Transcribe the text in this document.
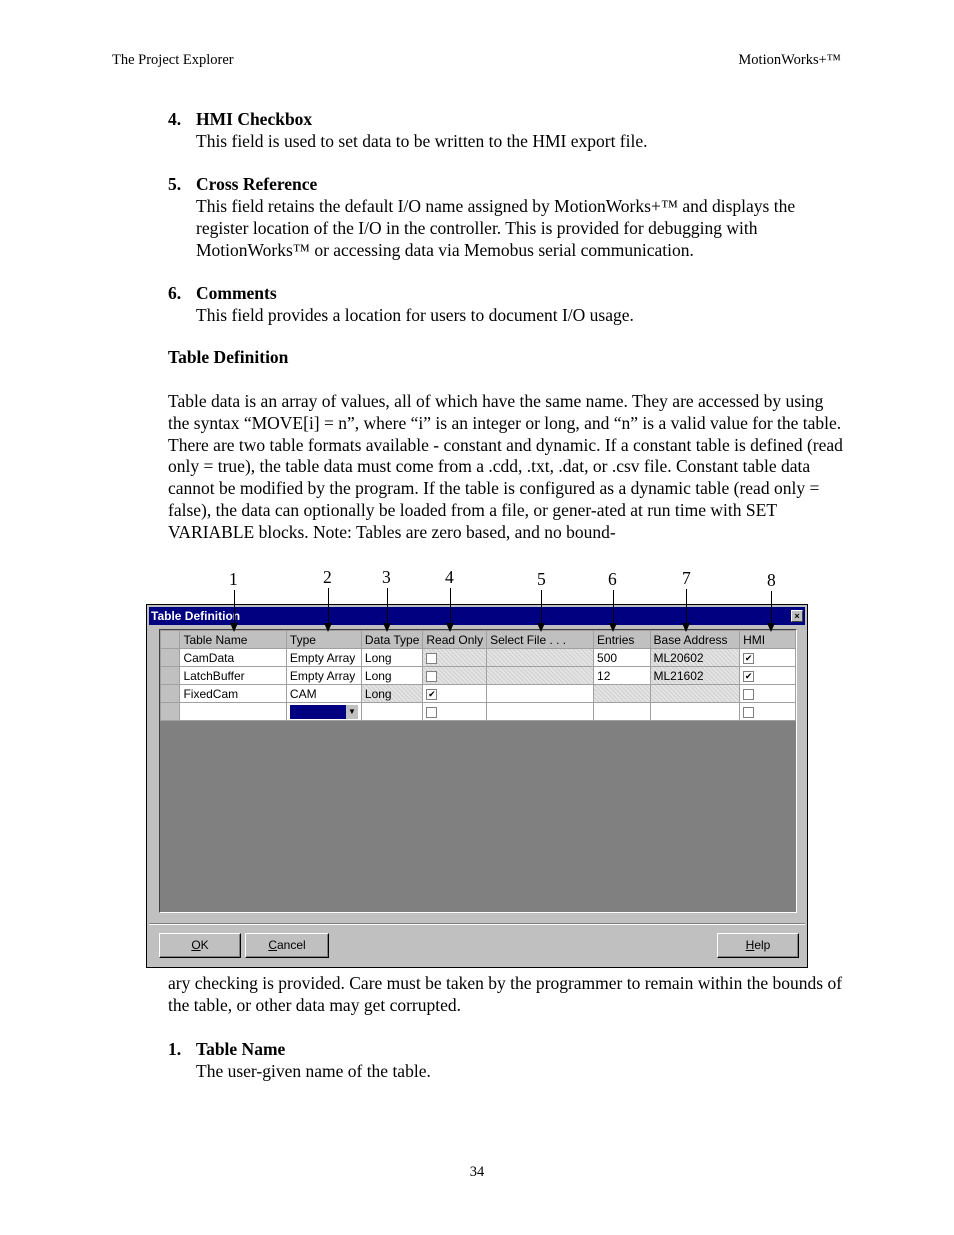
The Project Explorer	MotionWorks+™
4. HMI Checkbox
This field is used to set data to be written to the HMI export file.
5. Cross Reference
This field retains the default I/O name assigned by MotionWorks+™ and displays the register location of the I/O in the controller. This is provided for debugging with MotionWorks™ or accessing data via Memobus serial communication.
6. Comments
This field provides a location for users to document I/O usage.
Table Definition
Table data is an array of values, all of which have the same name. They are accessed by using the syntax “MOVE[i] = n”, where “i” is an integer or long, and “n” is a valid value for the table. There are two table formats available - constant and dynamic. If a constant table is defined (read only = true), the table data must come from a .cdd, .txt, .dat, or .csv file. Constant table data cannot be modified by the program. If the table is configured as a dynamic table (read only = false), the data can optionally be loaded from a file, or gener-ated at run time with SET VARIABLE blocks. Note: Tables are zero based, and no bound-
1	2	3	4	5	6	7	8
Table Definition	×
	Table Name	Type	Data Type	Read Only	Select File . . .	Entries	Base Address	HMI
	CamData	Empty Array	Long			500	ML20602	✔
	LatchBuffer	Empty Array	Long			12	ML21602	✔
	FixedCam	CAM	Long	✔				

		▼						

OK	Cancel	Help
ary checking is provided. Care must be taken by the programmer to remain within the bounds of the table, or other data may get corrupted.
1. Table Name
The user-given name of the table.
34
